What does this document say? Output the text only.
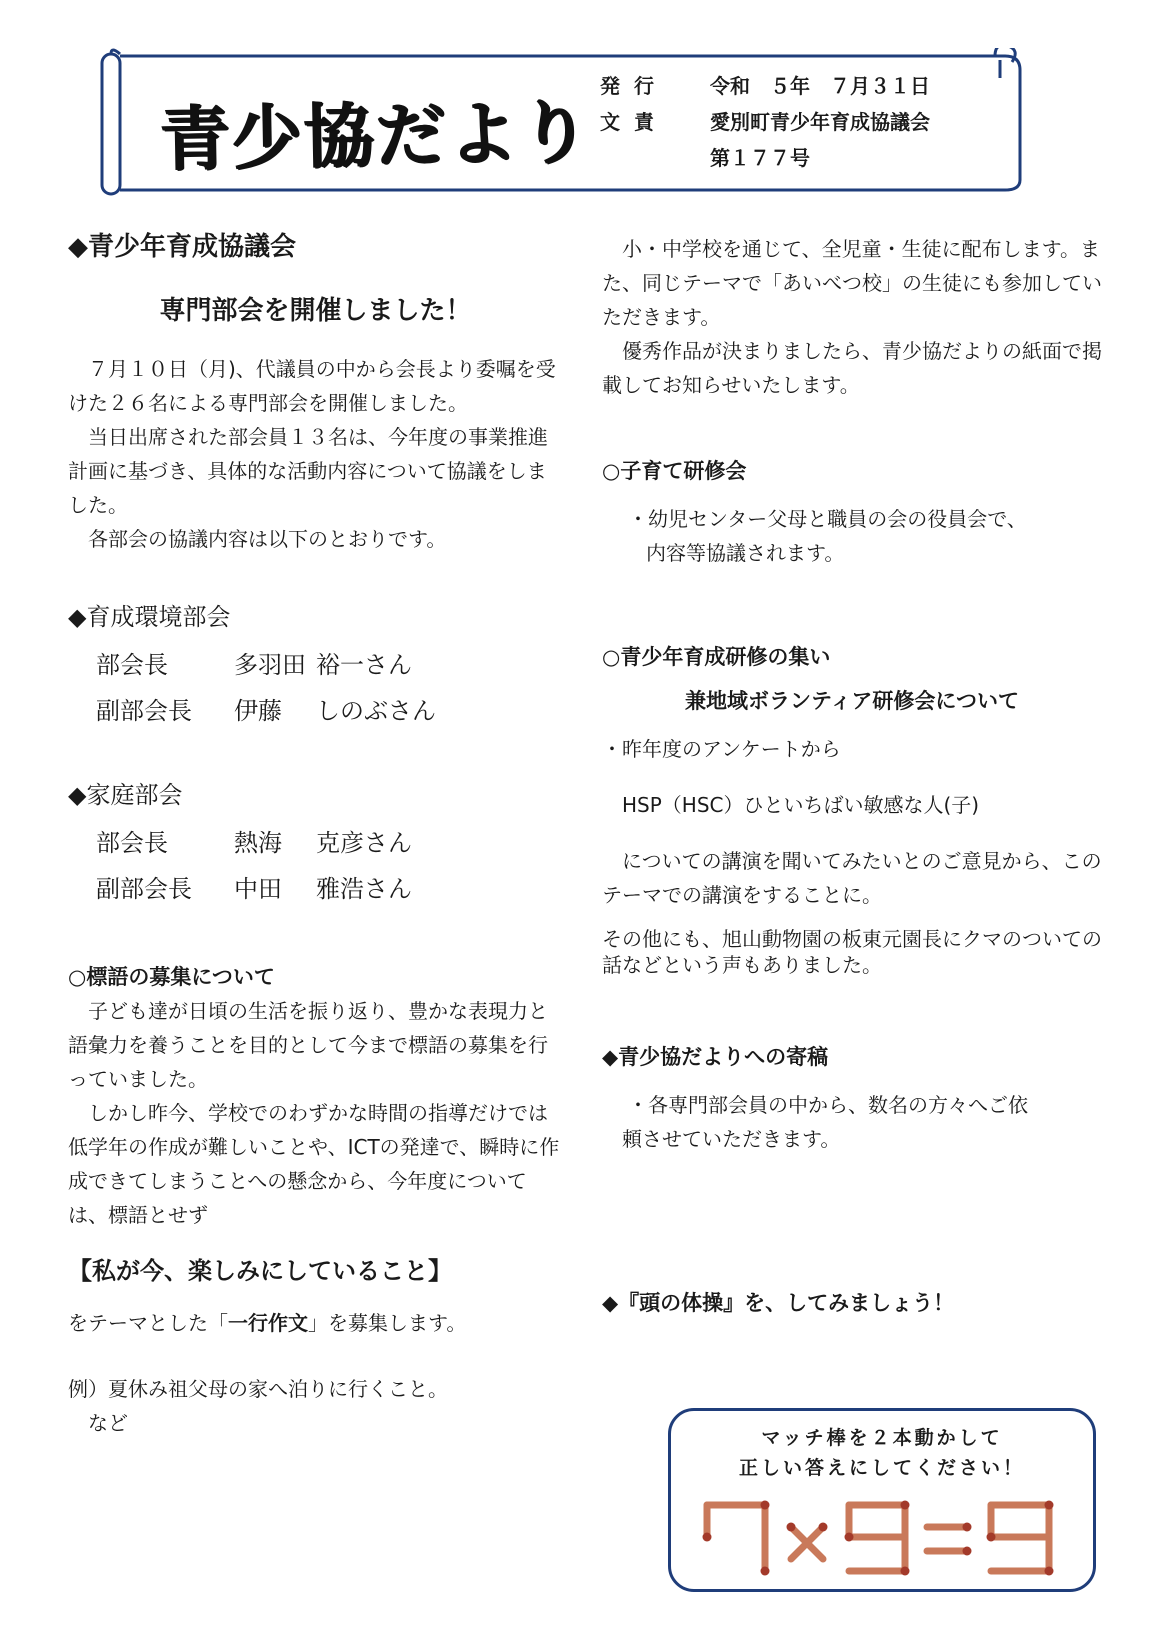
青少協だより
発行	令和　５年　７月３１日
文責	愛別町青少年育成協議会
第１７７号

◆青少年育成協議会

専門部会を開催しました！

７月１０日（月)、代議員の中から会長より委嘱を受けた２６名による専門部会を開催しました。

当日出席された部会員１３名は、今年度の事業推進計画に基づき、具体的な活動内容について協議をしました。

各部会の協議内容は以下のとおりです。

◆育成環境部会

部会長	多羽田 裕一さん
副部会長	伊藤	しのぶさん

◆家庭部会

部会長	熱海	克彦さん
副部会長	中田	雅浩さん

○標語の募集について

子ども達が日頃の生活を振り返り、豊かな表現力と語彙力を養うことを目的として今まで標語の募集を行っていました。

しかし昨今、学校でのわずかな時間の指導だけでは低学年の作成が難しいことや、ICTの発達で、瞬時に作成できてしまうことへの懸念から、今年度については、標語とせず

【私が今、楽しみにしていること】

をテーマとした「一行作文」を募集します。

例）夏休み祖父母の家へ泊りに行くこと。

　など

小・中学校を通じて、全児童・生徒に配布します。また、同じテーマで「あいべつ校」の生徒にも参加していただきます。

優秀作品が決まりましたら、青少協だよりの紙面で掲載してお知らせいたします。

○子育て研修会

・幼児センター父母と職員の会の役員会で、

内容等協議されます。

○青少年育成研修の集い

兼地域ボランティア研修会について

・昨年度のアンケートから

HSP（HSC）ひといちばい敏感な人(子)

についての講演を聞いてみたいとのご意見から、このテーマでの講演をすることに。

その他にも、旭山動物園の板東元園長にクマのついての話などという声もありました。

◆青少協だよりへの寄稿

・各専門部会員の中から、数名の方々へご依

頼させていただきます。

◆『頭の体操』を、してみましょう！

マッチ棒を２本動かして
正しい答えにしてください！
